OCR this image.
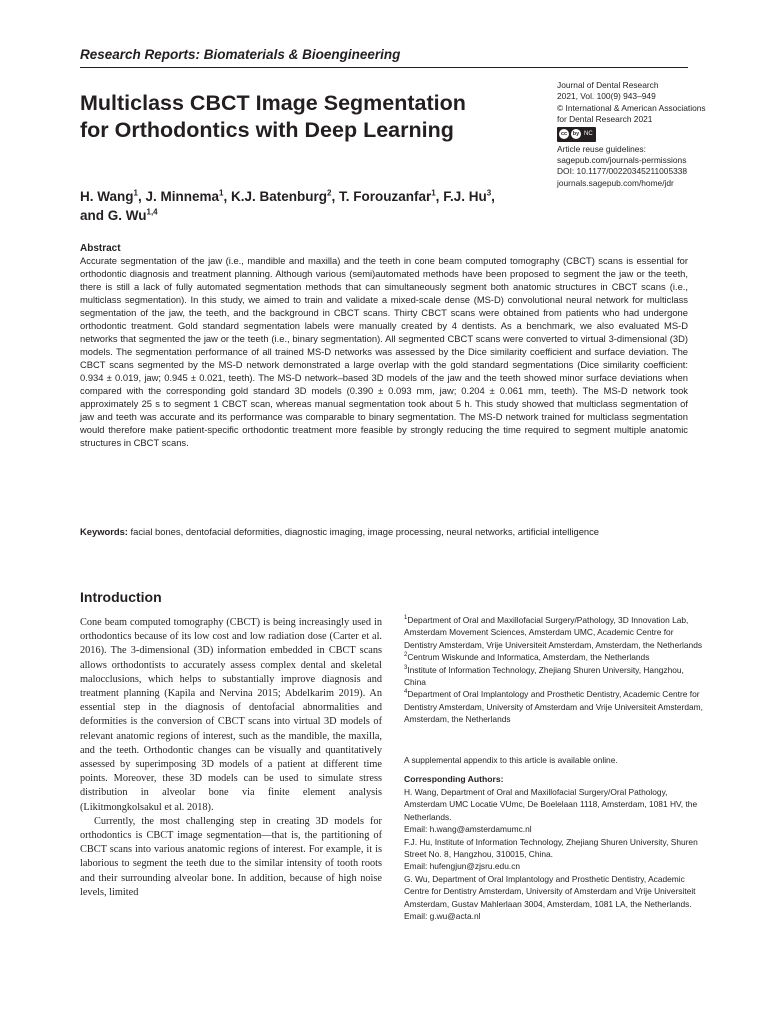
Research Reports: Biomaterials & Bioengineering
Journal of Dental Research
2021, Vol. 100(9) 943–949
© International & American Associations
for Dental Research 2021
cc	by NC
Article reuse guidelines:
sagepub.com/journals-permissions
DOI: 10.1177/00220345211005338
journals.sagepub.com/home/jdr
Multiclass CBCT Image Segmentation
for Orthodontics with Deep Learning
H. Wang$^1$, J. Minnema$^1$, K.J. Batenburg$^2$, T. Forouzanfar$^1$, F.J. Hu$^3$,
and G. Wu$^{1,4}$
Abstract
Accurate segmentation of the jaw (i.e., mandible and maxilla) and the teeth in cone beam computed tomography (CBCT) scans is essential for orthodontic diagnosis and treatment planning. Although various (semi)automated methods have been proposed to segment the jaw or the teeth, there is still a lack of fully automated segmentation methods that can simultaneously segment both anatomic structures in CBCT scans (i.e., multiclass segmentation). In this study, we aimed to train and validate a mixed-scale dense (MS-D) convolutional neural network for multiclass segmentation of the jaw, the teeth, and the background in CBCT scans. Thirty CBCT scans were obtained from patients who had undergone orthodontic treatment. Gold standard segmentation labels were manually created by 4 dentists. As a benchmark, we also evaluated MS-D networks that segmented the jaw or the teeth (i.e., binary segmentation). All segmented CBCT scans were converted to virtual 3-dimensional (3D) models. The segmentation performance of all trained MS-D networks was assessed by the Dice similarity coefficient and surface deviation. The CBCT scans segmented by the MS-D network demonstrated a large overlap with the gold standard segmentations (Dice similarity coefficient: 0.934 ± 0.019, jaw; 0.945 ± 0.021, teeth). The MS-D network–based 3D models of the jaw and the teeth showed minor surface deviations when compared with the corresponding gold standard 3D models (0.390 ± 0.093 mm, jaw; 0.204 ± 0.061 mm, teeth). The MS-D network took approximately 25 s to segment 1 CBCT scan, whereas manual segmentation took about 5 h. This study showed that multiclass segmentation of jaw and teeth was accurate and its performance was comparable to binary segmentation. The MS-D network trained for multiclass segmentation would therefore make patient-specific orthodontic treatment more feasible by strongly reducing the time required to segment multiple anatomic structures in CBCT scans.
Keywords: facial bones, dentofacial deformities, diagnostic imaging, image processing, neural networks, artificial intelligence
Introduction

Cone beam computed tomography (CBCT) is being increasingly used in orthodontics because of its low cost and low radiation dose (Carter et al. 2016). The 3-dimensional (3D) information embedded in CBCT scans allows orthodontists to accurately assess complex dental and skeletal malocclusions, which helps to substantially improve diagnosis and treatment planning (Kapila and Nervina 2015; Abdelkarim 2019). An essential step in the diagnosis of dentofacial abnormalities and deformities is the conversion of CBCT scans into virtual 3D models of relevant anatomic regions of interest, such as the mandible, the maxilla, and the teeth. Orthodontic changes can be visually and quantitatively assessed by superimposing 3D models of a patient at different time points. Moreover, these 3D models can be used to simulate stress distribution in alveolar bone via finite element analysis (Likitmongkolsakul et al. 2018).

Currently, the most challenging step in creating 3D models for orthodontics is CBCT image segmentation—that is, the partitioning of CBCT scans into various anatomic regions of interest. For example, it is laborious to segment the teeth due to the similar intensity of tooth roots and their surrounding alveolar bone. In addition, because of high noise levels, limited

$^1$Department of Oral and Maxillofacial Surgery/Pathology, 3D Innovation Lab, Amsterdam Movement Sciences, Amsterdam UMC, Academic Centre for Dentistry Amsterdam, Vrije Universiteit Amsterdam, Amsterdam, the Netherlands
$^2$Centrum Wiskunde and Informatica, Amsterdam, the Netherlands
$^3$Institute of Information Technology, Zhejiang Shuren University, Hangzhou, China
$^4$Department of Oral Implantology and Prosthetic Dentistry, Academic Centre for Dentistry Amsterdam, University of Amsterdam and Vrije Universiteit Amsterdam, Amsterdam, the Netherlands
A supplemental appendix to this article is available online.
Corresponding Authors:
H. Wang, Department of Oral and Maxillofacial Surgery/Oral Pathology, Amsterdam UMC Locatie VUmc, De Boelelaan 1118, Amsterdam, 1081 HV, the Netherlands.
Email: h.wang@amsterdamumc.nl
F.J. Hu, Institute of Information Technology, Zhejiang Shuren University, Shuren Street No. 8, Hangzhou, 310015, China.
Email: hufengjun@zjsru.edu.cn
G. Wu, Department of Oral Implantology and Prosthetic Dentistry, Academic Centre for Dentistry Amsterdam, University of Amsterdam and Vrije Universiteit Amsterdam, Gustav Mahlerlaan 3004, Amsterdam, 1081 LA, the Netherlands.
Email: g.wu@acta.nl
